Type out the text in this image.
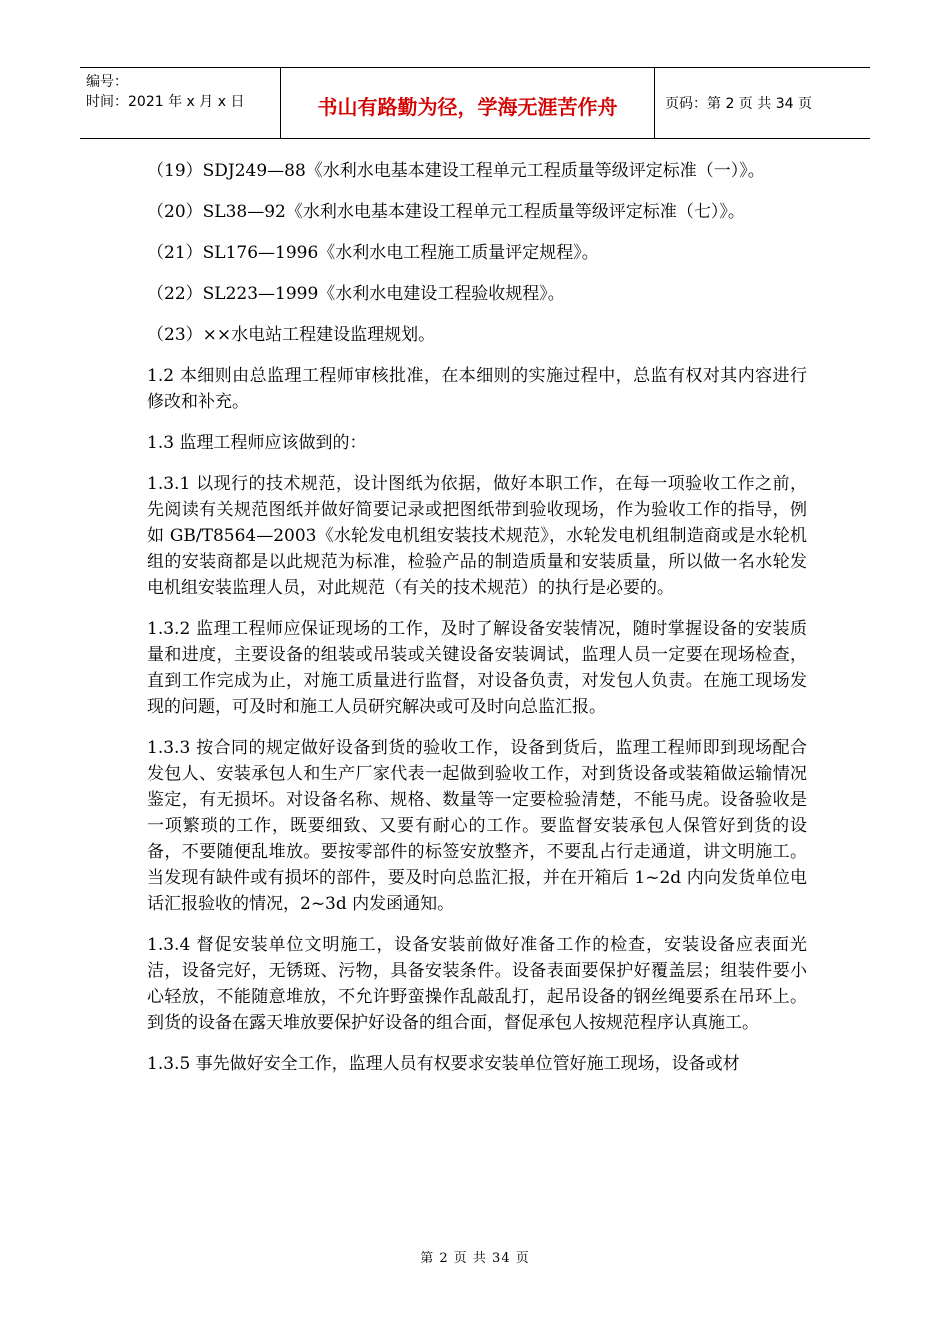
编号：
时间：2021 年 x 月 x 日	书山有路勤为径，学海无涯苦作舟	页码：第 2 页 共 34 页

（19）SDJ249—88《水利水电基本建设工程单元工程质量等级评定标准（一）》。

（20）SL38—92《水利水电基本建设工程单元工程质量等级评定标准（七）》。

（21）SL176—1996《水利水电工程施工质量评定规程》。

（22）SL223—1999《水利水电建设工程验收规程》。

（23）××水电站工程建设监理规划。

1.2 本细则由总监理工程师审核批准，在本细则的实施过程中，总监有权对其内容进行修改和补充。

1.3 监理工程师应该做到的：

1.3.1 以现行的技术规范，设计图纸为依据，做好本职工作，在每一项验收工作之前，先阅读有关规范图纸并做好简要记录或把图纸带到验收现场，作为验收工作的指导，例如 GB/T8564—2003《水轮发电机组安装技术规范》，水轮发电机组制造商或是水轮机组的安装商都是以此规范为标准，检验产品的制造质量和安装质量，所以做一名水轮发电机组安装监理人员，对此规范（有关的技术规范）的执行是必要的。

1.3.2 监理工程师应保证现场的工作，及时了解设备安装情况，随时掌握设备的安装质量和进度，主要设备的组装或吊装或关键设备安装调试，监理人员一定要在现场检查，直到工作完成为止，对施工质量进行监督，对设备负责，对发包人负责。在施工现场发现的问题，可及时和施工人员研究解决或可及时向总监汇报。

1.3.3 按合同的规定做好设备到货的验收工作，设备到货后，监理工程师即到现场配合发包人、安装承包人和生产厂家代表一起做到验收工作，对到货设备或装箱做运输情况鉴定，有无损坏。对设备名称、规格、数量等一定要检验清楚，不能马虎。设备验收是一项繁琐的工作，既要细致、又要有耐心的工作。要监督安装承包人保管好到货的设备，不要随便乱堆放。要按零部件的标签安放整齐，不要乱占行走通道，讲文明施工。当发现有缺件或有损坏的部件，要及时向总监汇报，并在开箱后 1~2d 内向发货单位电话汇报验收的情况，2~3d 内发函通知。

1.3.4 督促安装单位文明施工，设备安装前做好准备工作的检查，安装设备应表面光洁，设备完好，无锈斑、污物，具备安装条件。设备表面要保护好覆盖层；组装件要小心轻放，不能随意堆放，不允许野蛮操作乱敲乱打，起吊设备的钢丝绳要系在吊环上。到货的设备在露天堆放要保护好设备的组合面，督促承包人按规范程序认真施工。

1.3.5 事先做好安全工作，监理人员有权要求安装单位管好施工现场，设备或材

第 2 页 共 34 页
